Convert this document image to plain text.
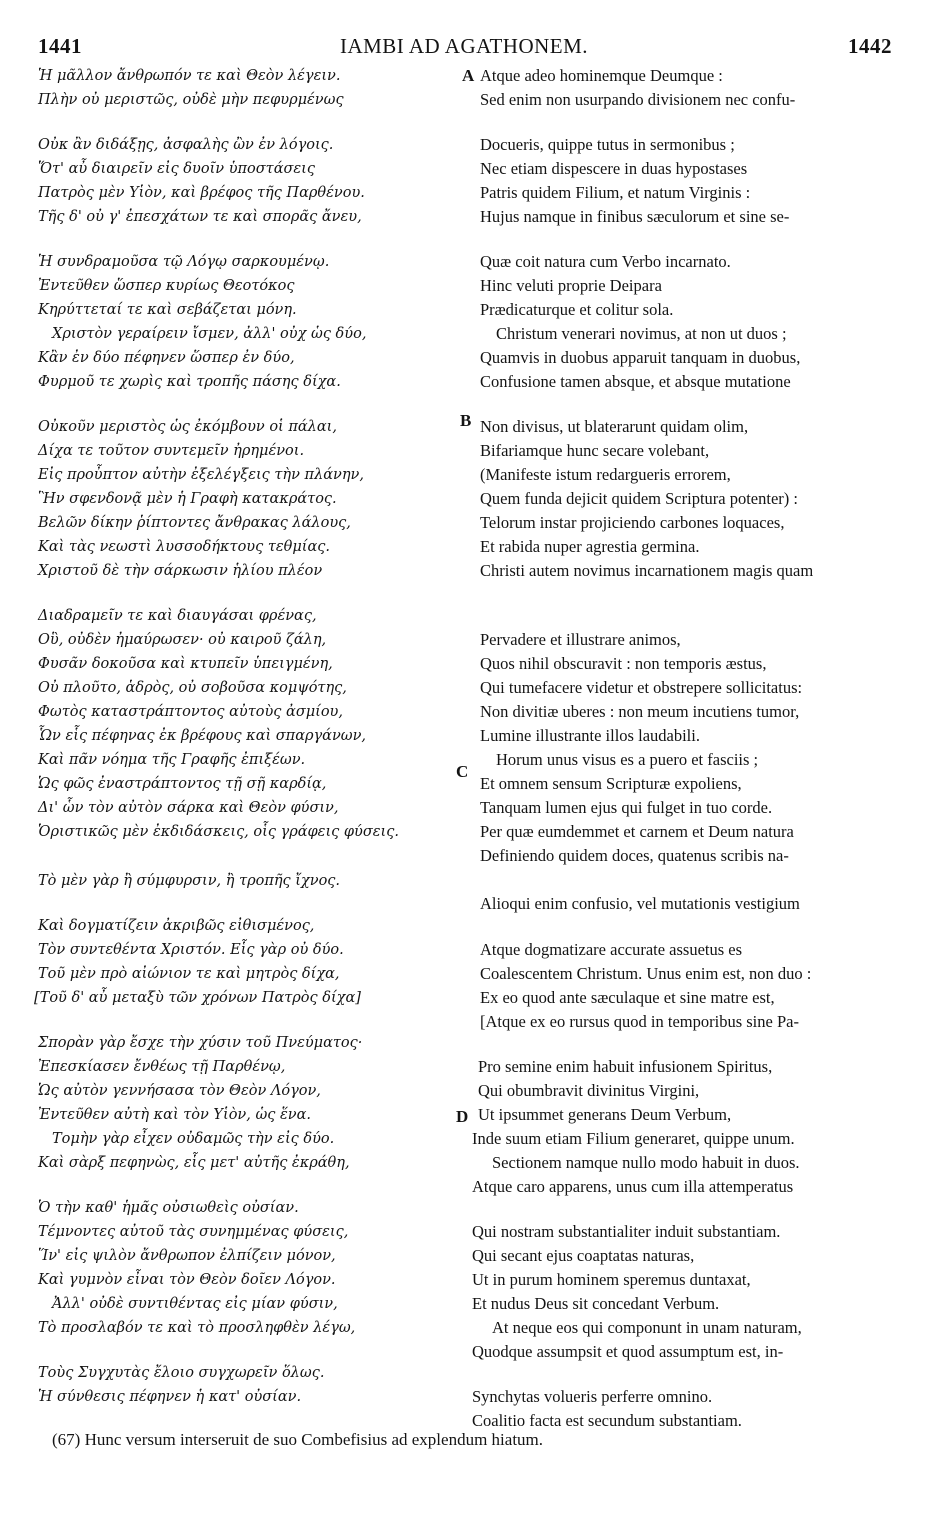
1441	IAMBI AD AGATHONEM.	1442
Ἡ μᾶλλον ἄνθρωπόν τε καὶ Θεὸν λέγειν.
Πλὴν οὐ μεριστῶς, οὐδὲ μὴν πεφυρμένως
Οὐκ ἂν διδάξῃς, ἀσφαλὴς ὢν ἐν λόγοις.
Ὅτ' αὖ διαιρεῖν εἰς δυοῖν ὑποστάσεις
Πατρὸς μὲν Υἱὸν, καὶ βρέφος τῆς Παρθένου.
Τῆς δ' οὐ γ' ἐπεσχάτων τε καὶ σπορᾶς ἄνευ,
Ἡ συνδραμοῦσα τῷ Λόγῳ σαρκουμένῳ.
Ἐντεῦθεν ὥσπερ κυρίως Θεοτόκος
Κηρύττεταί τε καὶ σεβάζεται μόνη.
Χριστὸν γεραίρειν ἴσμεν, ἀλλ' οὐχ ὡς δύο,
Κἂν ἐν δύο πέφηνεν ὥσπερ ἐν δύο,
Φυρμοῦ τε χωρὶς καὶ τροπῆς πάσης δίχα.
Οὐκοῦν μεριστὸς ὡς ἐκόμβουν οἱ πάλαι,
Δίχα τε τοῦτον συντεμεῖν ἠρημένοι.
Εἰς προὖπτον αὐτὴν ἐξελέγξεις τὴν πλάνην,
Ἣν σφενδονᾷ μὲν ἡ Γραφὴ κατακράτος.
Βελῶν δίκην ῥίπτοντες ἄνθρακας λάλους,
Καὶ τὰς νεωστὶ λυσσοδήκτους τεθμίας.
Χριστοῦ δὲ τὴν σάρκωσιν ἡλίου πλέον
Διαδραμεῖν τε καὶ διαυγάσαι φρένας,
Οὓ, οὐδὲν ἠμαύρωσεν· οὐ καιροῦ ζάλη,
Φυσᾶν δοκοῦσα καὶ κτυπεῖν ὑπειγμένη,
Οὐ πλοῦτο, ἁδρὸς, οὐ σοβοῦσα κομψότης,
Φωτὸς καταστράπτοντος αὐτοὺς ἀσμίου,
Ὧν εἷς πέφηνας ἐκ βρέφους καὶ σπαργάνων,
Καὶ πᾶν νόημα τῆς Γραφῆς ἐπιξέων.
Ὡς φῶς ἐναστράπτοντος τῇ σῇ καρδίᾳ,
Δι' ὧν τὸν αὐτὸν σάρκα καὶ Θεὸν φύσιν,
Ὁριστικῶς μὲν ἐκδιδάσκεις, οἷς γράφεις φύσεις.
Τὸ μὲν γὰρ ἢ σύμφυρσιν, ἢ τροπῆς ἴχνος.
Καὶ δογματίζειν ἀκριβῶς εἰθισμένος,
Τὸν συντεθέντα Χριστόν. Εἷς γὰρ οὐ δύο.
Τοῦ μὲν πρὸ αἰώνιον τε καὶ μητρὸς δίχα,
[Τοῦ δ' αὖ μεταξὺ τῶν χρόνων Πατρὸς δίχα]
Σπορὰν γὰρ ἔσχε τὴν χύσιν τοῦ Πνεύματος·
Ἐπεσκίασεν ἔνθέως τῇ Παρθένῳ,
Ὡς αὐτὸν γεννήσασα τὸν Θεὸν Λόγον,
Ἐντεῦθεν αὐτὴ καὶ τὸν Υἱὸν, ὡς ἕνα.
Τομὴν γὰρ εἶχεν οὐδαμῶς τὴν εἰς δύο.
Καὶ σὰρξ πεφηνὼς, εἷς μετ' αὐτῆς ἐκράθη,
Ὁ τὴν καθ' ἡμᾶς οὐσιωθεὶς οὐσίαν.
Τέμνοντες αὐτοῦ τὰς συνημμένας φύσεις,
Ἵν' εἰς ψιλὸν ἄνθρωπον ἐλπίζειν μόνον,
Καὶ γυμνὸν εἶναι τὸν Θεὸν δοῖεν Λόγον.
Ἀλλ' οὐδὲ συντιθέντας εἰς μίαν φύσιν,
Τὸ προσλαβόν τε καὶ τὸ προσληφθὲν λέγω,
Τοὺς Συγχυτὰς ἔλοιο συγχωρεῖν ὅλως.
Ἡ σύνθεσις πέφηνεν ἡ κατ' οὐσίαν.
Atque adeo hominemque Deumque :
Sed enim non usurpando divisionem nec confu-
Docueris, quippe tutus in sermonibus ;
Nec etiam dispescere in duas hypostases
Patris quidem Filium, et natum Virginis :
Hujus namque in finibus sæculorum et sine se-
Quæ coit natura cum Verbo incarnato.
Hinc veluti proprie Deipara
Prædicaturque et colitur sola.
Christum venerari novimus, at non ut duos ;
Quamvis in duobus apparuit tanquam in duobus,
Confusione tamen absque, et absque mutatione
Non divisus, ut blaterarunt quidam olim,
Bifariamque hunc secare volebant,
(Manifeste istum redargueris errorem,
Quem funda dejicit quidem Scriptura potenter) :
Telorum instar projiciendo carbones loquaces,
Et rabida nuper agrestia germina.
Christi autem novimus incarnationem magis quam
Pervadere et illustrare animos,
Quos nihil obscuravit : non temporis æstus,
Qui tumefacere videtur et obstrepere sollicitatus:
Non divitiæ uberes : non meum incutiens tumor,
Lumine illustrante illos laudabili.
Horum unus visus es a puero et fasciis ;
Et omnem sensum Scripturæ expoliens,
Tanquam lumen ejus qui fulget in tuo corde.
Per quæ eumdemmet et carnem et Deum natura
Definiendo quidem doces, quatenus scribis na-
Alioqui enim confusio, vel mutationis vestigium
Atque dogmatizare accurate assuetus es
Coalescentem Christum. Unus enim est, non duo :
Ex eo quod ante sæculaque et sine matre est,
[Atque ex eo rursus quod in temporibus sine Pa-
Pro semine enim habuit infusionem Spiritus,
Qui obumbravit divinitus Virgini,
Ut ipsummet generans Deum Verbum,
Inde suum etiam Filium generaret, quippe unum.
Sectionem namque nullo modo habuit in duos.
Atque caro apparens, unus cum illa attemperatus
Qui nostram substantialiter induit substantiam.
Qui secant ejus coaptatas naturas,
Ut in purum hominem speremus duntaxat,
Et nudus Deus sit concedant Verbum.
At neque eos qui componunt in unam naturam,
Quodque assumpsit et quod assumptum est, in-
Synchytas volueris perferre omnino.
Coalitio facta est secundum substantiam.
A
B
C
D
(67) Hunc versum interseruit de suo Combefisius ad explendum hiatum.
